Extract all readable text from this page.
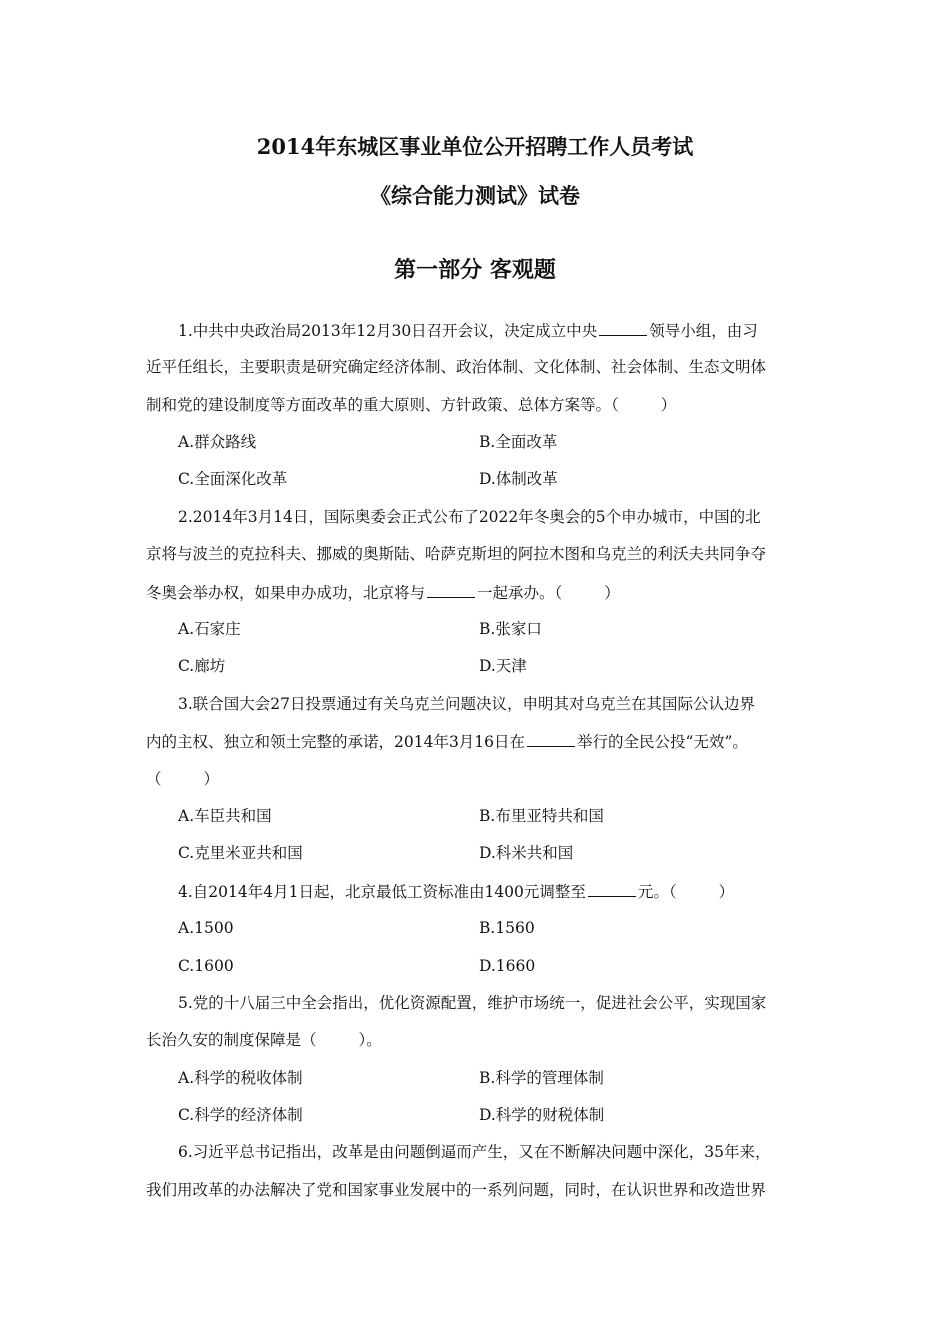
2014年东城区事业单位公开招聘工作人员考试
《综合能力测试》试卷
第一部分 客观题
1.中共中央政治局2013年12月30日召开会议，决定成立中央	领导小组，由习
近平任组长，主要职责是研究确定经济体制、政治体制、文化体制、社会体制、生态文明体
制和党的建设制度等方面改革的重大原则、方针政策、总体方案等。（	）
A.群众路线	B.全面改革
C.全面深化改革	D.体制改革
2.2014年3月14日，国际奥委会正式公布了2022年冬奥会的5个申办城市，中国的北
京将与波兰的克拉科夫、挪威的奥斯陆、哈萨克斯坦的阿拉木图和乌克兰的利沃夫共同争夺
冬奥会举办权，如果申办成功，北京将与	一起承办。（	）
A.石家庄	B.张家口
C.廊坊	D.天津
3.联合国大会27日投票通过有关乌克兰问题决议，申明其对乌克兰在其国际公认边界
内的主权、独立和领土完整的承诺，2014年3月16日在	举行的全民公投“无效”。
（	）
A.车臣共和国	B.布里亚特共和国
C.克里米亚共和国	D.科米共和国
4.自2014年4月1日起，北京最低工资标准由1400元调整至	元。（	）
A.1500	B.1560
C.1600	D.1660
5.党的十八届三中全会指出，优化资源配置，维护市场统一，促进社会公平，实现国家
长治久安的制度保障是（	）。
A.科学的税收体制	B.科学的管理体制
C.科学的经济体制	D.科学的财税体制
6.习近平总书记指出，改革是由问题倒逼而产生，又在不断解决问题中深化，35年来，
我们用改革的办法解决了党和国家事业发展中的一系列问题，同时，在认识世界和改造世界
